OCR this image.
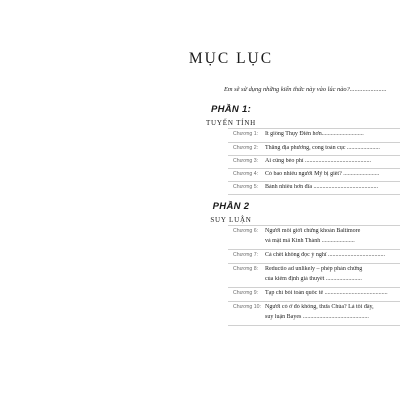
MỤC LỤC
Em sẽ sử dụng những kiến thức này vào lúc nào?.......................
PHẦN 1:
TUYẾN TÍNH
Chương 1: Ít giống Thụy Điển hơn............................
Chương 2: Thẳng địa phương, cong toàn cục ......................
Chương 3: Ai cũng béo phì ............................................
Chương 4: Có bao nhiêu người Mỹ bị giết? ........................
Chương 5: Bánh nhiều hơn đĩa ...........................................
PHẦN 2
SUY LUẬN
Chương 6: Người môi giới chứng khoán Baltimore
và mật mã Kinh Thánh ......................
Chương 7: Cá chết không đọc ý nghĩ ......................................
Chương 8: Reductio ad unlikely – phép phản chứng
của kiểm định giả thuyết ........................
Chương 9: Tạp chí bói toán quốc tế ..........................................
Chương 10: Người có ở đó không, thưa Chúa? Là tôi đây,
suy luận Bayes ............................................
